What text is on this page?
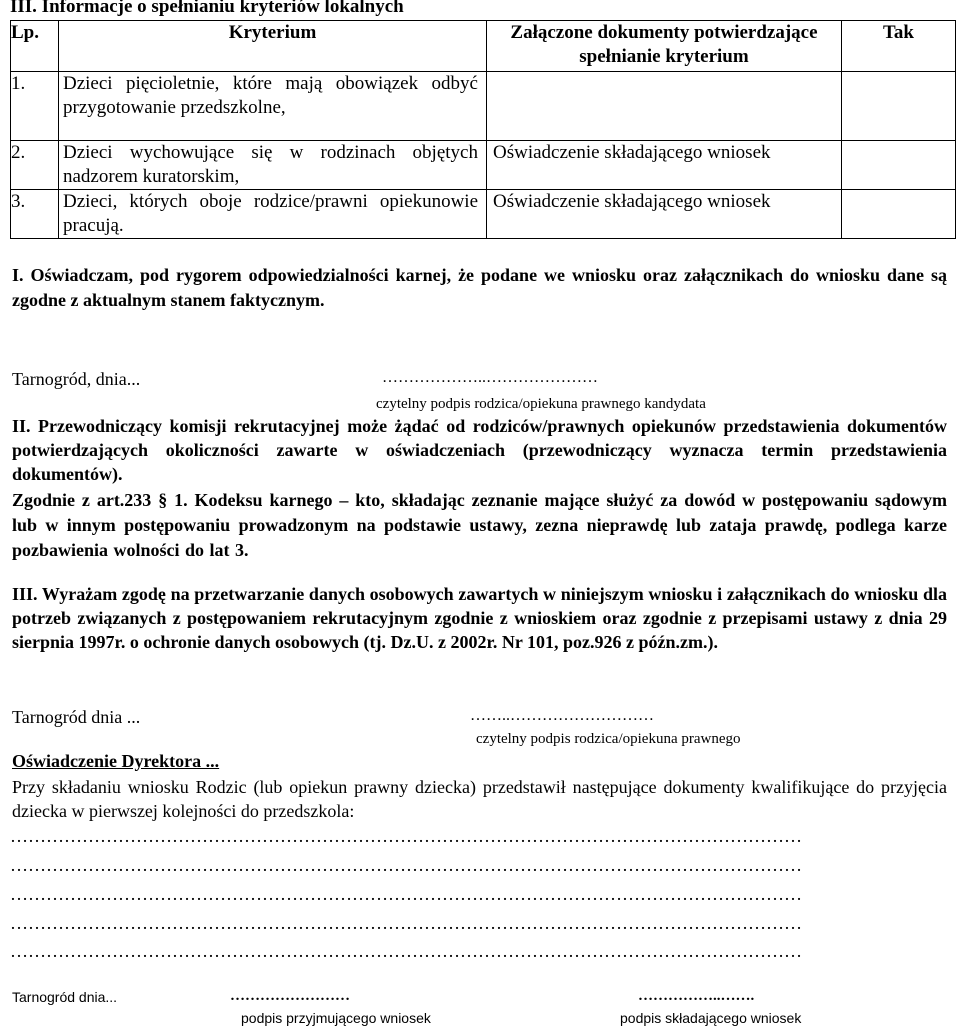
III. Informacje o spełnianiu kryteriów lokalnych
Lp.	Kryterium	Załączone dokumenty potwierdzające spełnianie kryterium	Tak

1.	Dzieci pięcioletnie, które mają obowiązek odbyć przygotowanie przedszkolne,		

2.	Dzieci wychowujące się w rodzinach objętych nadzorem kuratorskim,	Oświadczenie składającego wniosek	

3.	Dzieci, których oboje rodzice/prawni opiekunowie pracują.	Oświadczenie składającego wniosek	

I. Oświadczam, pod rygorem odpowiedzialności karnej, że podane we wniosku oraz załącznikach do wniosku dane są zgodne z aktualnym stanem faktycznym.
Tarnogród, dnia...	………………..…………………
czytelny podpis rodzica/opiekuna prawnego kandydata
II. Przewodniczący komisji rekrutacyjnej może żądać od rodziców/prawnych opiekunów przedstawienia dokumentów potwierdzających okoliczności zawarte w oświadczeniach (przewodniczący wyznacza termin przedstawienia dokumentów).
Zgodnie z art.233 § 1. Kodeksu karnego – kto, składając zeznanie mające służyć za dowód w postępowaniu sądowym lub w innym postępowaniu prowadzonym na podstawie ustawy, zezna nieprawdę lub zataja prawdę, podlega karze pozbawienia wolności do lat 3.
III. Wyrażam zgodę na przetwarzanie danych osobowych zawartych w niniejszym wniosku i załącznikach do wniosku dla potrzeb związanych z postępowaniem rekrutacyjnym zgodnie z wnioskiem oraz zgodnie z przepisami ustawy z dnia 29 sierpnia 1997r. o ochronie danych osobowych (tj. Dz.U. z 2002r. Nr 101, poz.926 z późn.zm.).
Tarnogród dnia ...	……..………………………
czytelny podpis rodzica/opiekuna prawnego
Oświadczenie Dyrektora ...
Przy składaniu wniosku Rodzic (lub opiekun prawny dziecka) przedstawił następujące dokumenty kwalifikujące do przyjęcia dziecka w pierwszej kolejności do przedszkola:
……………………………………………………………………………………………………………………
……………………………………………………………………………………………………………………
……………………………………………………………………………………………………………………
……………………………………………………………………………………………………………………
……………………………………………………………………………………………………………………
Tarnogród dnia...	……………………
podpis przyjmującego wniosek
……………..…….
podpis składającego wniosek
